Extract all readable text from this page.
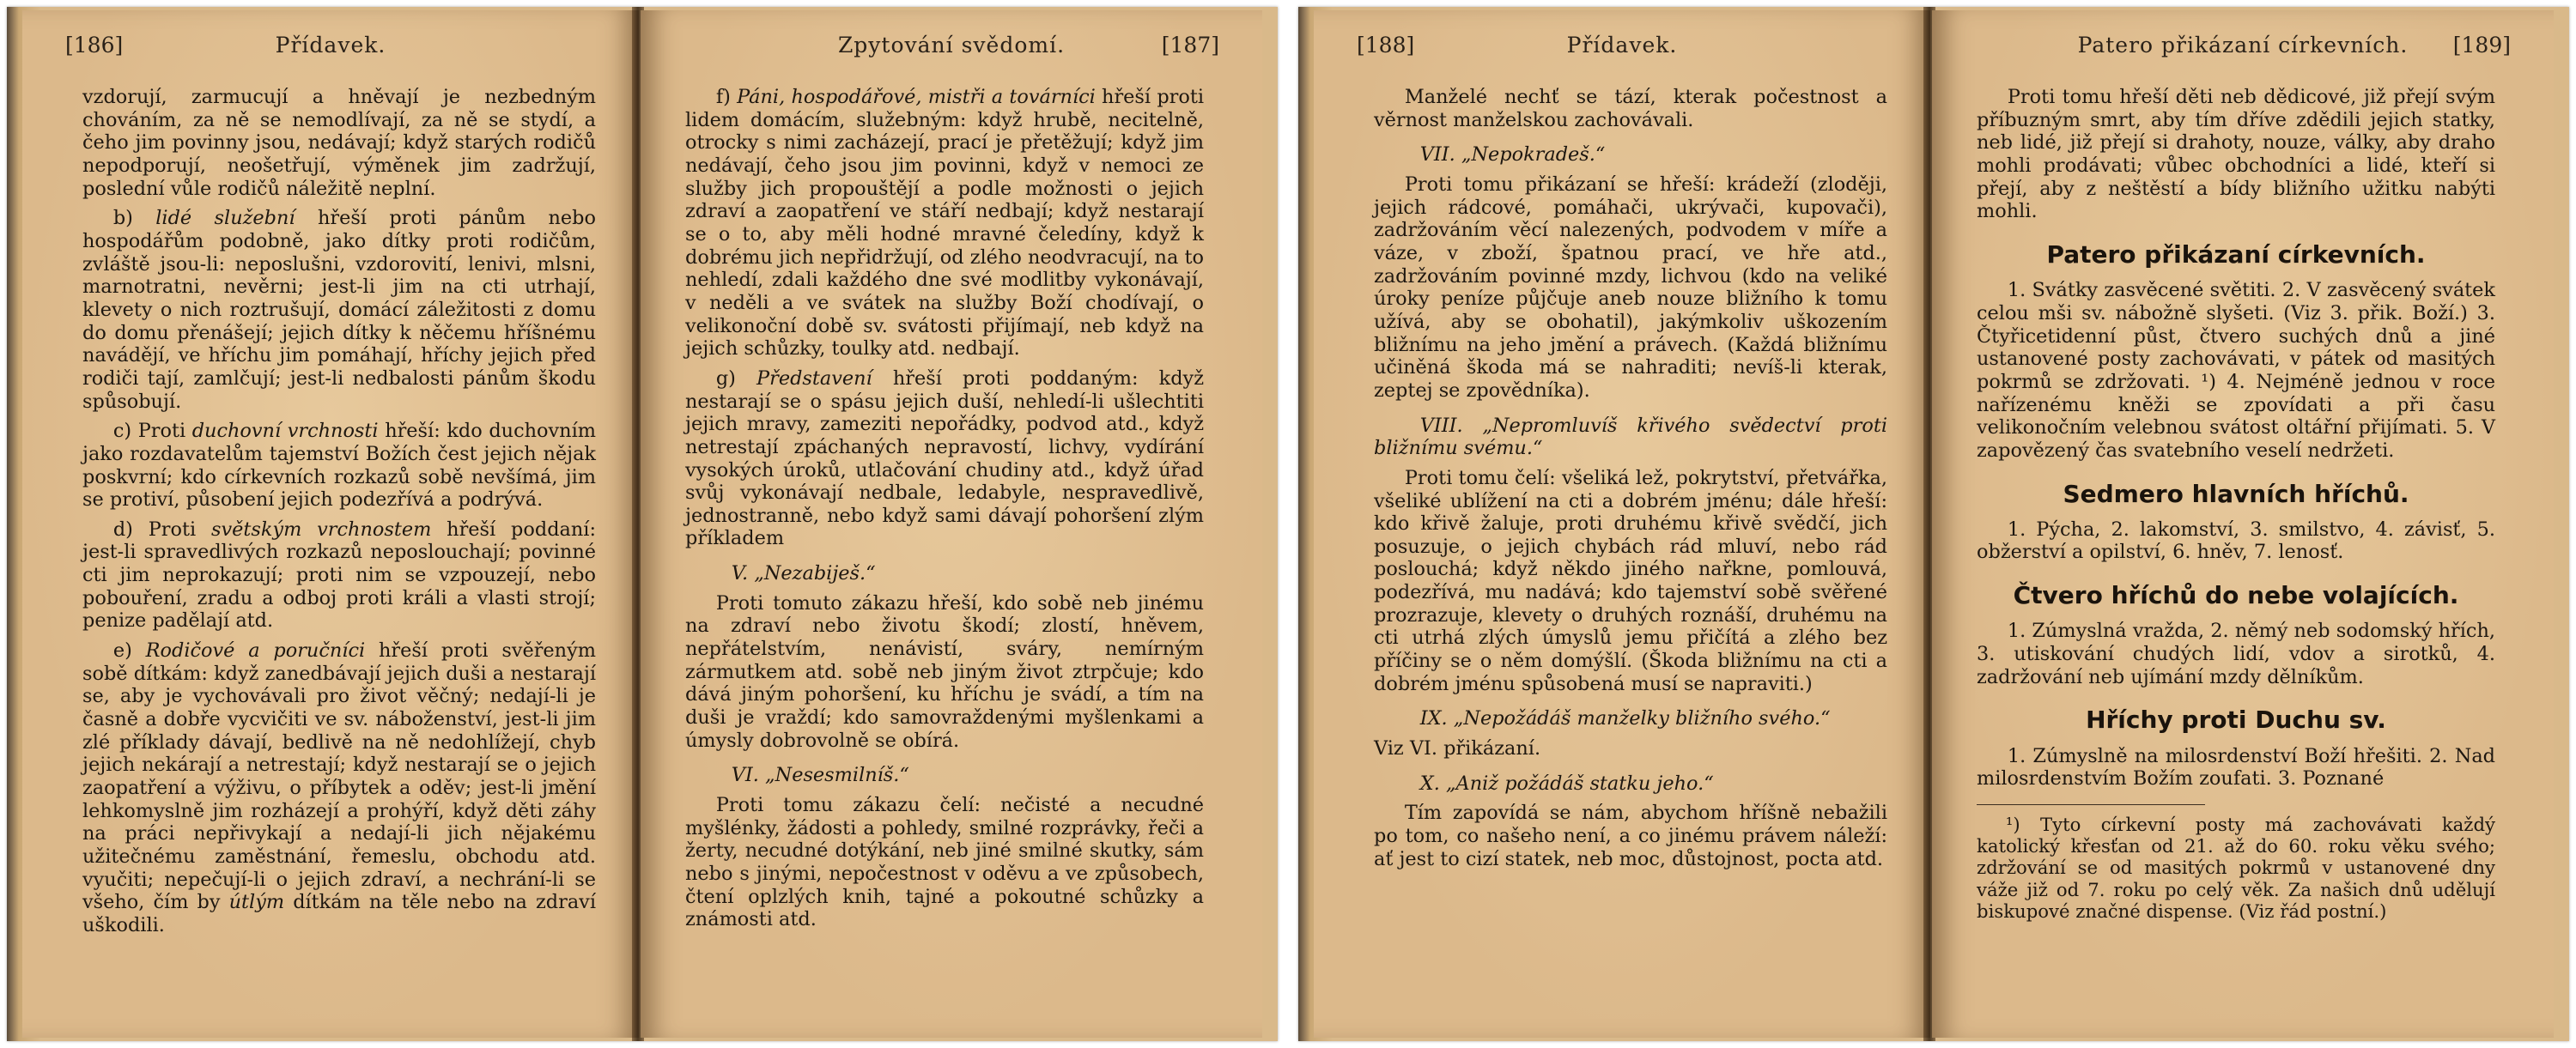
[186]	Přídavek.

vzdorují, zarmucují a hněvají je nezbedným chováním, za ně se nemodlívají, za ně se stydí, a čeho jim povinny jsou, nedávají; když starých rodičů nepodporují, neošetřují, výměnek jim zadržují, poslední vůle rodičů náležitě neplní.

b) lidé služební hřeší proti pánům nebo hospodářům podobně, jako dítky proti rodičům, zvláště jsou-li: neposlušni, vzdorovití, lenivi, mlsni, marnotratni, nevěrni; jest-li jim na cti utrhají, klevety o nich roztrušují, domácí záležitosti z domu do domu přenášejí; jejich dítky k něčemu hříšnému navádějí, ve hříchu jim pomáhají, hříchy jejich před rodiči tají, zamlčují; jest-li nedbalosti pánům škodu spůsobují.

c) Proti duchovní vrchnosti hřeší: kdo duchovním jako rozdavatelům tajemství Božích čest jejich nějak poskvrní; kdo církevních rozkazů sobě nevšímá, jim se protiví, působení jejich podezřívá a podrývá.

d) Proti světským vrchnostem hřeší poddaní: jest-li spravedlivých rozkazů neposlouchají; povinné cti jim neprokazují; proti nim se vzpouzejí, nebo pobouření, zradu a odboj proti králi a vlasti strojí; penize padělají atd.

e) Rodičové a poručníci hřeší proti svěřeným sobě dítkám: když zanedbávají jejich duši a nestarají se, aby je vychovávali pro život věčný; nedají-li je časně a dobře vycvičiti ve sv. náboženství, jest-li jim zlé příklady dávají, bedlivě na ně nedohlížejí, chyb jejich nekárají a netrestají; když nestarají se o jejich zaopatření a výživu, o příbytek a oděv; jest-li jmění lehkomyslně jim rozházejí a prohýří, když děti záhy na práci nepřivykají a nedají-li jich nějakému užitečnému zaměstnání, řemeslu, obchodu atd. vyučiti; nepečují-li o jejich zdraví, a nechrání-li se všeho, čím by útlým dítkám na těle nebo na zdraví uškodili.

Zpytování svědomí.	[187]

f) Páni, hospodářové, mistři a továrníci hřeší proti lidem domácím, služebným: když hrubě, necitelně, otrocky s nimi zacházejí, prací je přetěžují; když jim nedávají, čeho jsou jim povinni, když v nemoci ze služby jich propouštějí a podle možnosti o jejich zdraví a zaopatření ve stáří nedbají; když nestarají se o to, aby měli hodné mravné čeledíny, když k dobrému jich nepřidržují, od zlého neodvracují, na to nehledí, zdali každého dne své modlitby vykonávají, v neděli a ve svátek na služby Boží chodívají, o velikonoční době sv. svátosti přijímají, neb když na jejich schůzky, toulky atd. nedbají.

g) Představení hřeší proti poddaným: když nestarají se o spásu jejich duší, nehledí-li ušlechtiti jejich mravy, zameziti nepořádky, podvod atd., když netrestají zpáchaných nepravostí, lichvy, vydírání vysokých úroků, utlačování chudiny atd., když úřad svůj vykonávají nedbale, ledabyle, nespravedlivě, jednostranně, nebo když sami dávají pohoršení zlým příkladem

V. „Nezabiješ.“

Proti tomuto zákazu hřeší, kdo sobě neb jinému na zdraví nebo životu škodí; zlostí, hněvem, nepřátelstvím, nenávistí, sváry, nemírným zármutkem atd. sobě neb jiným život ztrpčuje; kdo dává jiným pohoršení, ku hříchu je svádí, a tím na duši je vraždí; kdo samovraždenými myšlenkami a úmysly dobrovolně se obírá.

VI. „Nesesmilníš.“

Proti tomu zákazu čelí: nečisté a necudné myšlénky, žádosti a pohledy, smilné rozprávky, řeči a žerty, necudné dotýkání, neb jiné smilné skutky, sám nebo s jinými, nepočestnost v oděvu a ve způsobech, čtení oplzlých knih, tajné a pokoutné schůzky a známosti atd.

[188]	Přídavek.

Manželé nechť se tází, kterak počestnost a věrnost manželskou zachovávali.

VII. „Nepokradeš.“

Proti tomu přikázaní se hřeší: krádeží (zloději, jejich rádcové, pomáhači, ukrývači, kupovači), zadržováním věcí nalezených, podvodem v míře a váze, v zboží, špatnou prací, ve hře atd., zadržováním povinné mzdy, lichvou (kdo na veliké úroky peníze půjčuje aneb nouze bližního k tomu užívá, aby se obohatil), jakýmkoliv uškozením bližnímu na jeho jmění a právech. (Každá bližnímu učiněná škoda má se nahraditi; nevíš-li kterak, zeptej se zpovědníka).

VIII. „Nepromluvíš křivého svědectví proti bližnímu svému.“

Proti tomu čelí: všeliká lež, pokrytství, přetvářka, všeliké ublížení na cti a dobrém jménu; dále hřeší: kdo křivě žaluje, proti druhému křivě svědčí, jich posuzuje, o jejich chybách rád mluví, nebo rád poslouchá; když někdo jiného nařkne, pomlouvá, podezřívá, mu nadává; kdo tajemství sobě svěřené prozrazuje, klevety o druhých roznáší, druhému na cti utrhá zlých úmyslů jemu přičítá a zlého bez příčiny se o něm domýšlí. (Škoda bližnímu na cti a dobrém jménu spůsobená musí se napraviti.)

IX. „Nepožádáš manželky bližního svého.“

Viz VI. přikázaní.

X. „Aniž požádáš statku jeho.“

Tím zapovídá se nám, abychom hříšně nebažili po tom, co našeho není, a co jinému právem náleží: ať jest to cizí statek, neb moc, důstojnost, pocta atd.

Patero přikázaní církevních.	[189]

Proti tomu hřeší děti neb dědicové, již přejí svým příbuzným smrt, aby tím dříve zdědili jejich statky, neb lidé, již přejí si drahoty, nouze, války, aby draho mohli prodávati; vůbec obchodníci a lidé, kteří si přejí, aby z neštěstí a bídy bližního užitku nabýti mohli.

Patero přikázaní církevních.

1. Svátky zasvěcené světiti. 2. V zasvěcený svátek celou mši sv. nábožně slyšeti. (Viz 3. přik. Boží.) 3. Čtyřicetidenní půst, čtvero suchých dnů a jiné ustanovené posty zachovávati, v pátek od masitých pokrmů se zdržovati. ¹) 4. Nejméně jednou v roce nařízenému kněži se zpovídati a při času velikonočním velebnou svátost oltářní přijímati. 5. V zapovězený čas svatebního veselí nedržeti.

Sedmero hlavních hříchů.

1. Pýcha, 2. lakomství, 3. smilstvo, 4. závisť, 5. obžerství a opilství, 6. hněv, 7. lenosť.

Čtvero hříchů do nebe volajících.

1. Zúmyslná vražda, 2. němý neb sodomský hřích, 3. utiskování chudých lidí, vdov a sirotků, 4. zadržování neb ujímání mzdy dělníkům.

Hříchy proti Duchu sv.

1. Zúmyslně na milosrdenství Boží hřešiti. 2. Nad milosrdenstvím Božím zoufati. 3. Poznané

¹) Tyto církevní posty má zachovávati každý katolický křesťan od 21. až do 60. roku věku svého; zdržování se od masitých pokrmů v ustanovené dny váže již od 7. roku po celý věk. Za našich dnů udělují biskupové značné dispense. (Viz řád postní.)
